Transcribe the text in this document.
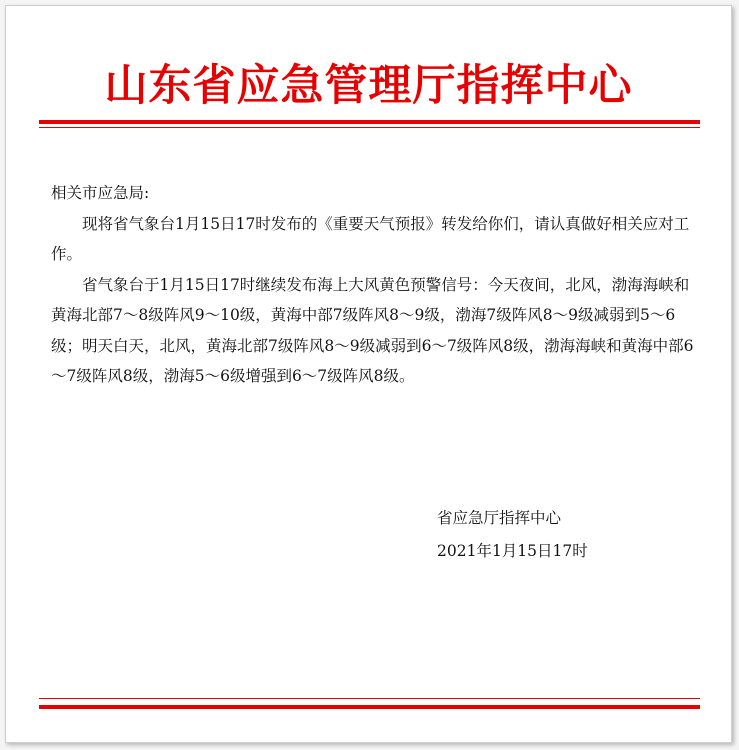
山东省应急管理厅指挥中心

相关市应急局:

现将省气象台1月15日17时发布的《重要天气预报》转发给你们，请认真做好相关应对工作。

省气象台于1月15日17时继续发布海上大风黄色预警信号：今天夜间，北风，渤海海峡和黄海北部7～8级阵风9～10级，黄海中部7级阵风8～9级，渤海7级阵风8～9级减弱到5～6级；明天白天，北风，黄海北部7级阵风8～9级减弱到6～7级阵风8级，渤海海峡和黄海中部6～7级阵风8级，渤海5～6级增强到6～7级阵风8级。

省应急厅指挥中心
2021年1月15日17时
